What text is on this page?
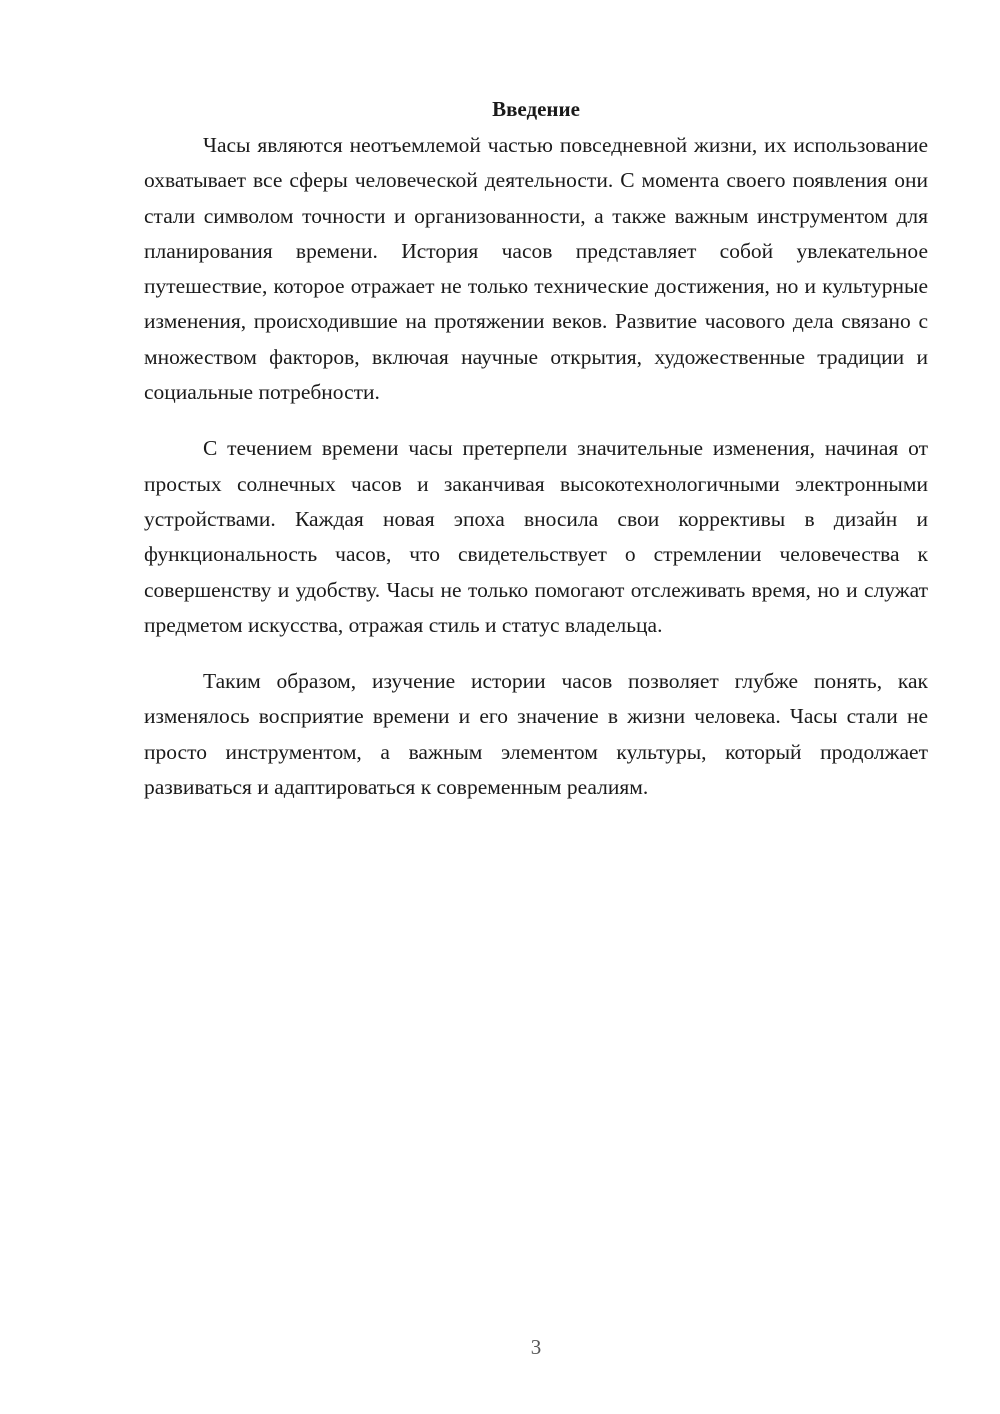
Введение

Часы являются неотъемлемой частью повседневной жизни, их использование охватывает все сферы человеческой деятельности. С момента своего появления они стали символом точности и организованности, а также важным инструментом для планирования времени. История часов представляет собой увлекательное путешествие, которое отражает не только технические достижения, но и культурные изменения, происходившие на протяжении веков. Развитие часового дела связано с множеством факторов, включая научные открытия, художественные традиции и социальные потребности.

С течением времени часы претерпели значительные изменения, начиная от простых солнечных часов и заканчивая высокотехнологичными электронными устройствами. Каждая новая эпоха вносила свои коррективы в дизайн и функциональность часов, что свидетельствует о стремлении человечества к совершенству и удобству. Часы не только помогают отслеживать время, но и служат предметом искусства, отражая стиль и статус владельца.

Таким образом, изучение истории часов позволяет глубже понять, как изменялось восприятие времени и его значение в жизни человека. Часы стали не просто инструментом, а важным элементом культуры, который продолжает развиваться и адаптироваться к современным реалиям.

3
